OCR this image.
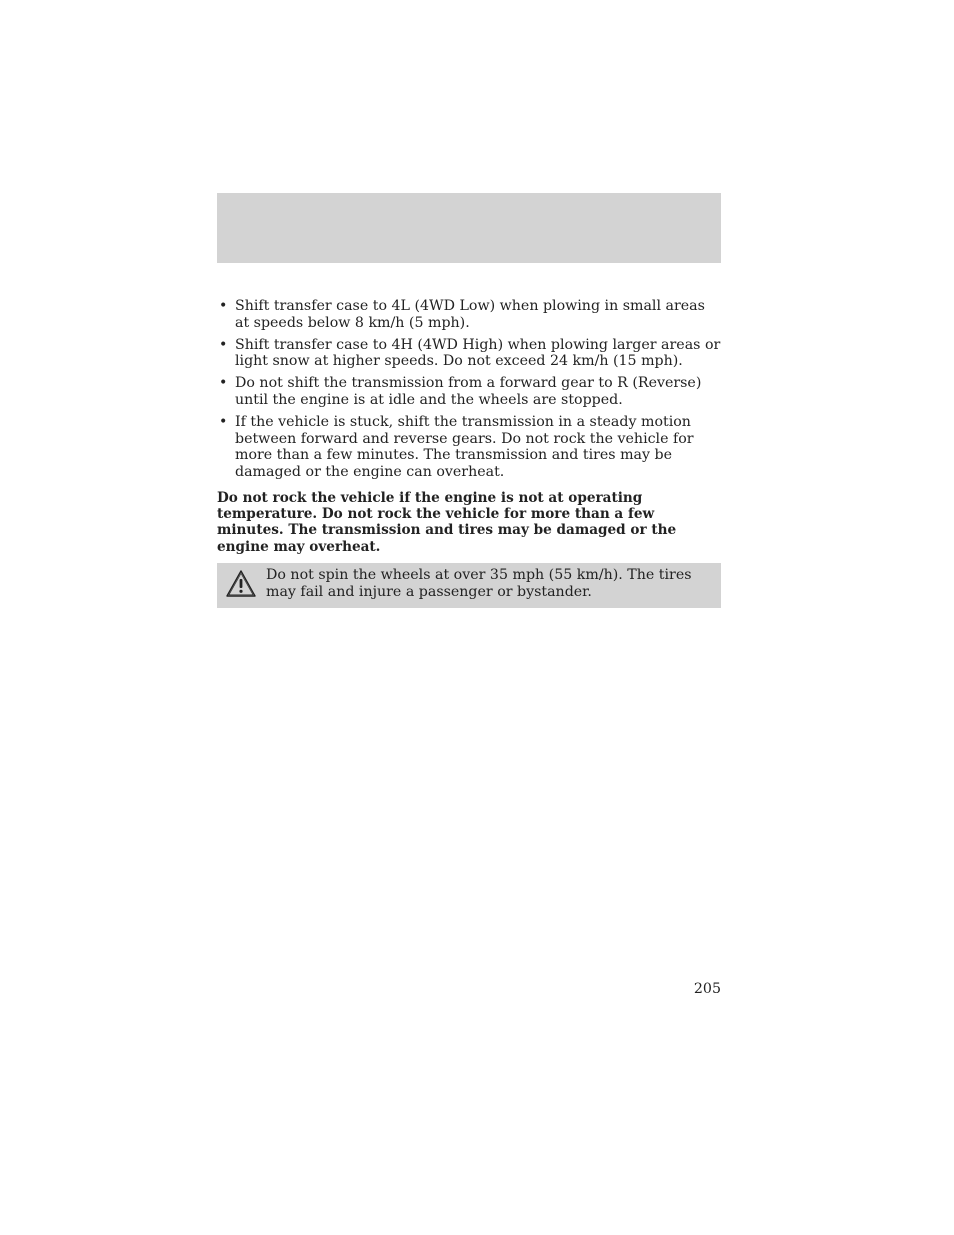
• Shift transfer case to 4L (4WD Low) when plowing in small areas at speeds below 8 km/h (5 mph).
• Shift transfer case to 4H (4WD High) when plowing larger areas or light snow at higher speeds. Do not exceed 24 km/h (15 mph).
• Do not shift the transmission from a forward gear to R (Reverse) until the engine is at idle and the wheels are stopped.
• If the vehicle is stuck, shift the transmission in a steady motion between forward and reverse gears. Do not rock the vehicle for more than a few minutes. The transmission and tires may be damaged or the engine can overheat.
Do not rock the vehicle if the engine is not at operating temperature. Do not rock the vehicle for more than a few minutes. The transmission and tires may be damaged or the engine may overheat.
Do not spin the wheels at over 35 mph (55 km/h). The tires may fail and injure a passenger or bystander.
205
